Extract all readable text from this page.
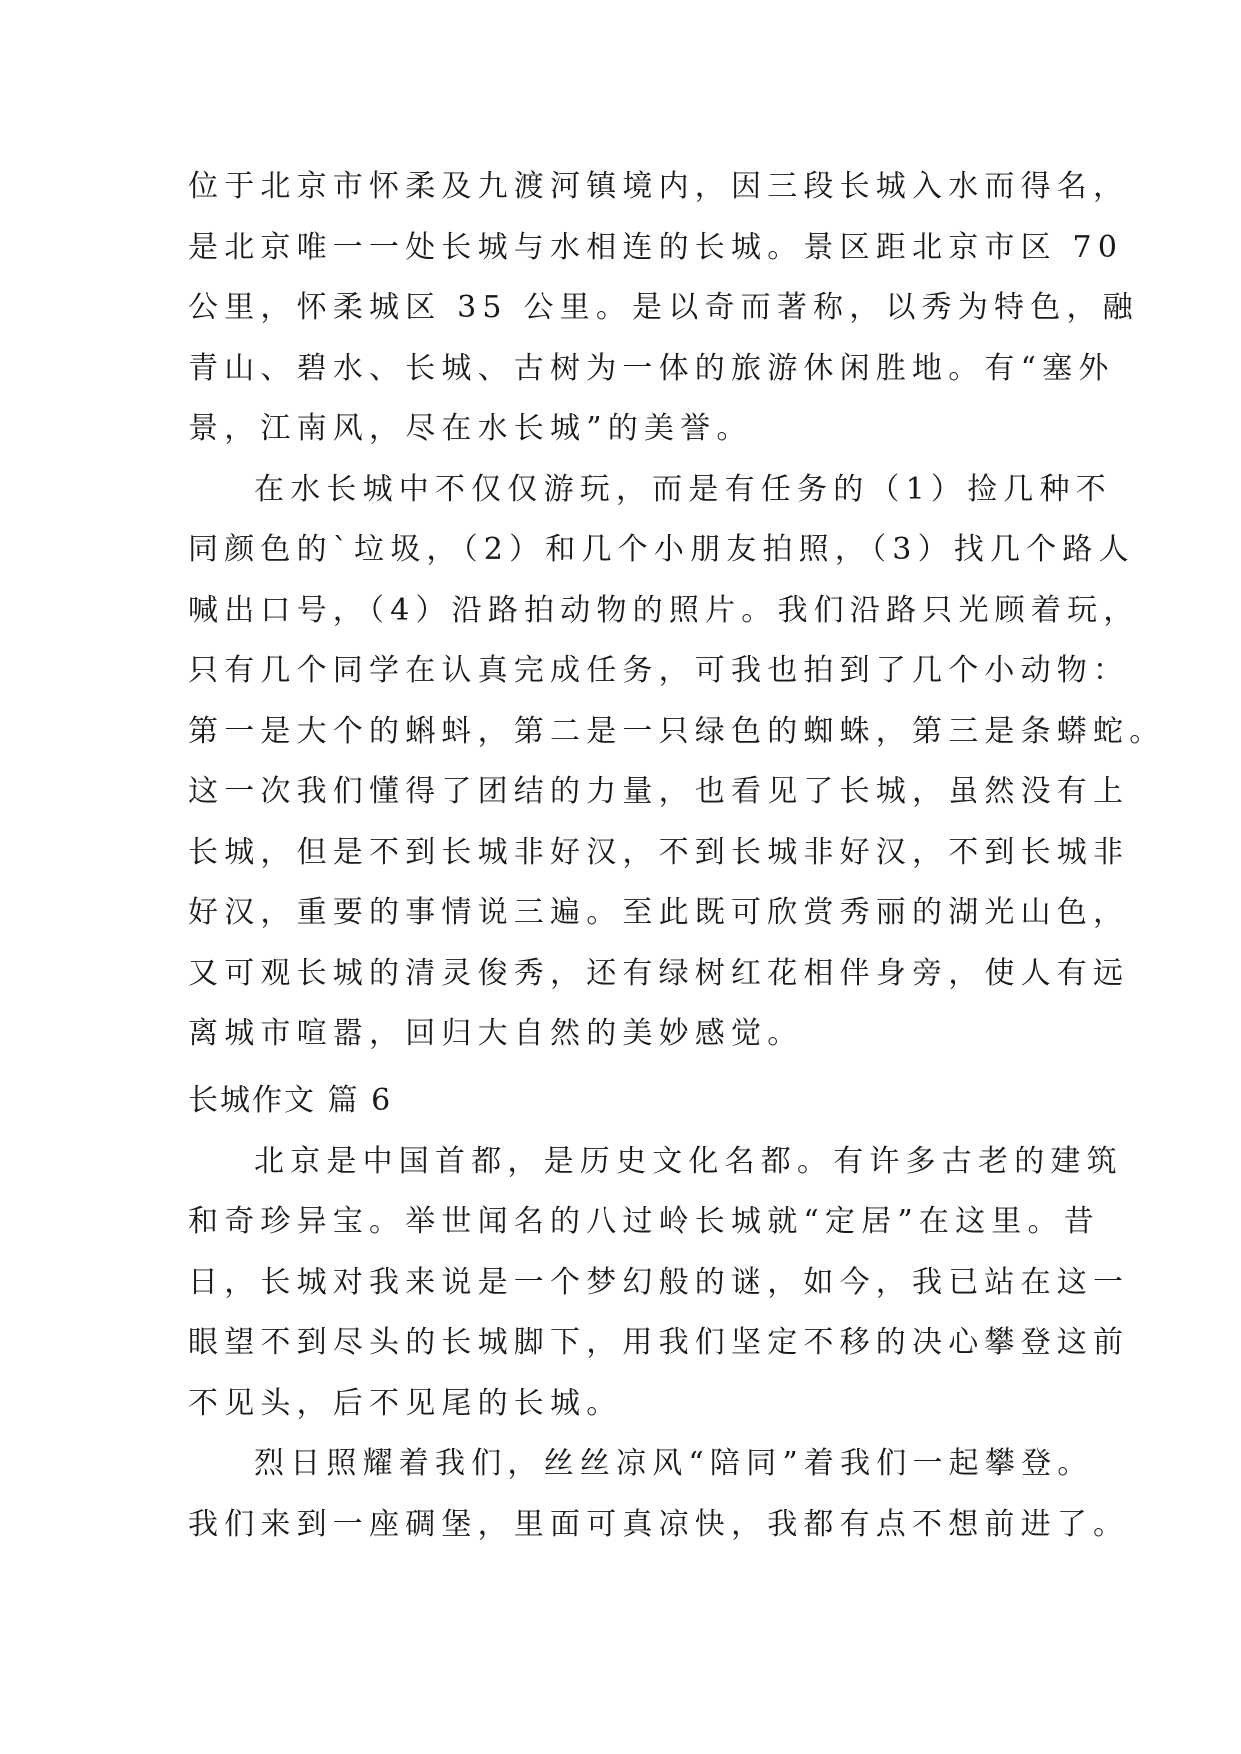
位于北京市怀柔及九渡河镇境内，因三段长城入水而得名，
是北京唯一一处长城与水相连的长城。景区距北京市区 70
公里，怀柔城区 35 公里。是以奇而著称，以秀为特色，融
青山、碧水、长城、古树为一体的旅游休闲胜地。有“塞外
景，江南风，尽在水长城”的美誉。
在水长城中不仅仅游玩，而是有任务的（1）捡几种不
同颜色的`垃圾，（2）和几个小朋友拍照，（3）找几个路人
喊出口号，（4）沿路拍动物的照片。我们沿路只光顾着玩，
只有几个同学在认真完成任务，可我也拍到了几个小动物：
第一是大个的蝌蚪，第二是一只绿色的蜘蛛，第三是条蟒蛇。
这一次我们懂得了团结的力量，也看见了长城，虽然没有上
长城，但是不到长城非好汉，不到长城非好汉，不到长城非
好汉，重要的事情说三遍。至此既可欣赏秀丽的湖光山色，
又可观长城的清灵俊秀，还有绿树红花相伴身旁，使人有远
离城市喧嚣，回归大自然的美妙感觉。
长城作文 篇 6
北京是中国首都，是历史文化名都。有许多古老的建筑
和奇珍异宝。举世闻名的八过岭长城就“定居”在这里。昔
日，长城对我来说是一个梦幻般的谜，如今，我已站在这一
眼望不到尽头的长城脚下，用我们坚定不移的决心攀登这前
不见头，后不见尾的长城。
烈日照耀着我们，丝丝凉风“陪同”着我们一起攀登。
我们来到一座碉堡，里面可真凉快，我都有点不想前进了。
